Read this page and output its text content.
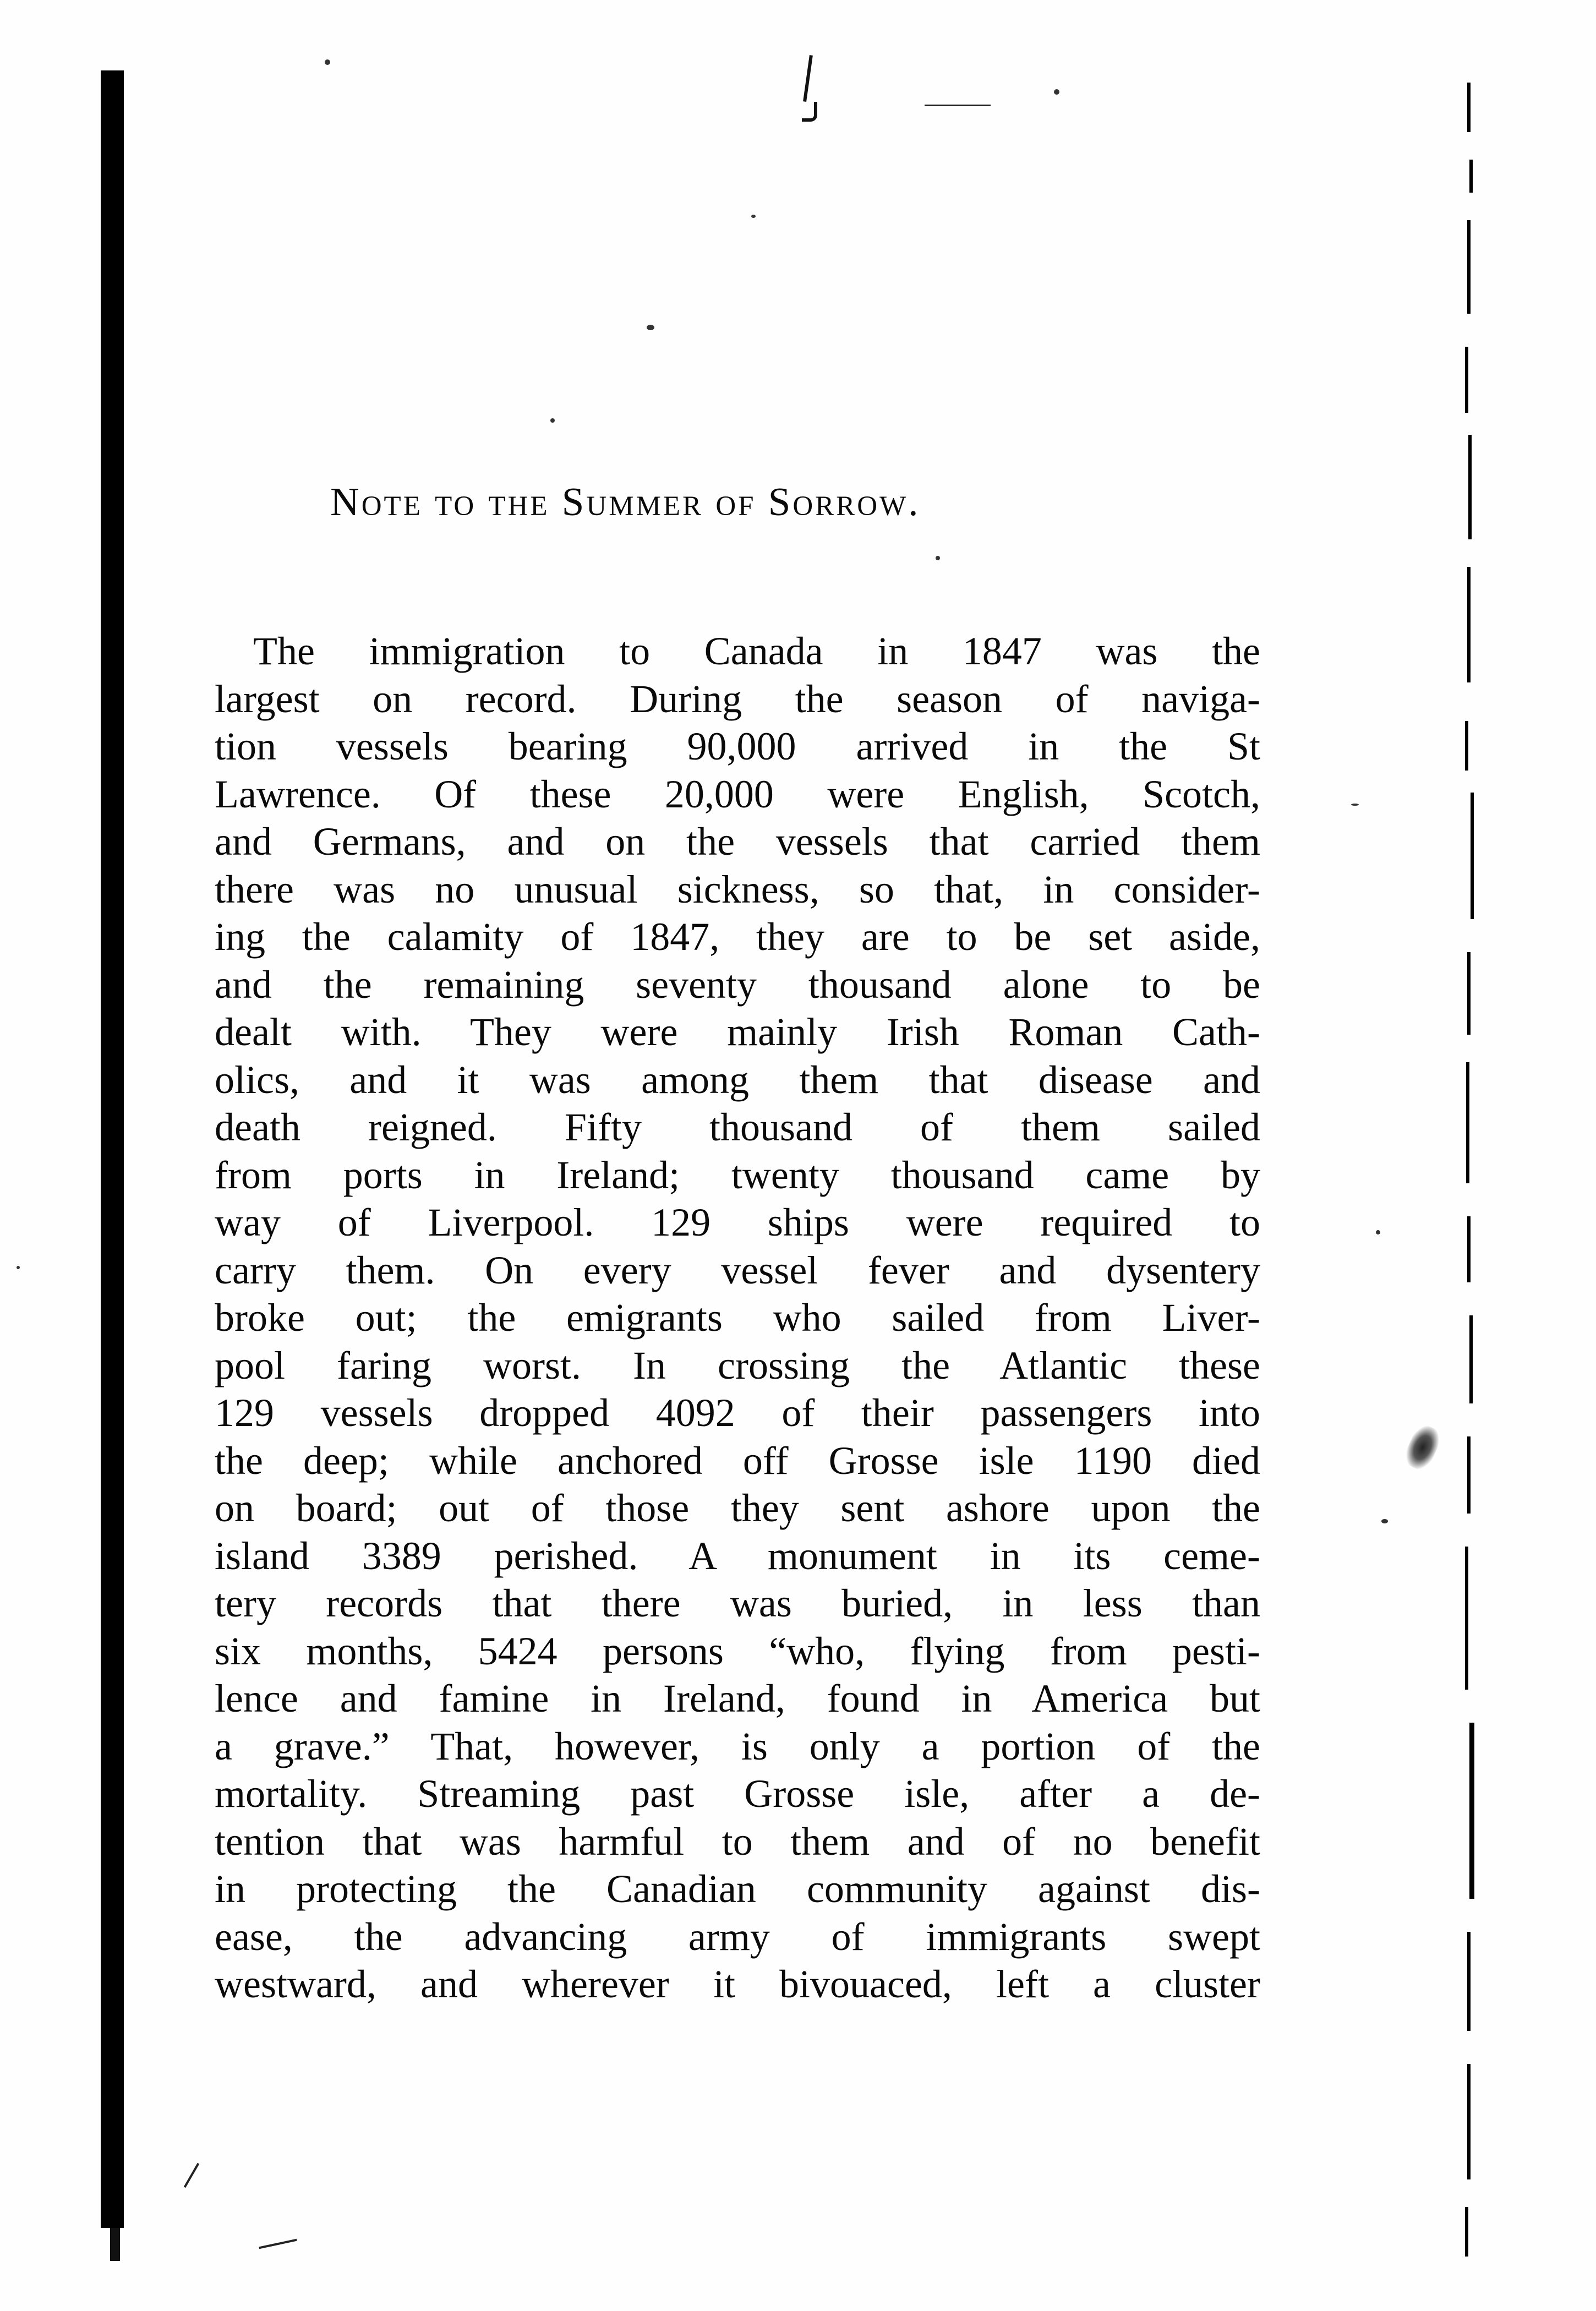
Note to the Summer of Sorrow.
The immigration to Canada in 1847 was the
largest on record. During the season of naviga-
tion vessels bearing 90,000 arrived in the St
Lawrence. Of these 20,000 were English, Scotch,
and Germans, and on the vessels that carried them
there was no unusual sickness, so that, in consider-
ing the calamity of 1847, they are to be set aside,
and the remaining seventy thousand alone to be
dealt with. They were mainly Irish Roman Cath-
olics, and it was among them that disease and
death reigned. Fifty thousand of them sailed
from ports in Ireland; twenty thousand came by
way of Liverpool. 129 ships were required to
carry them. On every vessel fever and dysentery
broke out; the emigrants who sailed from Liver-
pool faring worst. In crossing the Atlantic these
129 vessels dropped 4092 of their passengers into
the deep; while anchored off Grosse isle 1190 died
on board; out of those they sent ashore upon the
island 3389 perished. A monument in its ceme-
tery records that there was buried, in less than
six months, 5424 persons “who, flying from pesti-
lence and famine in Ireland, found in America but
a grave.” That, however, is only a portion of the
mortality. Streaming past Grosse isle, after a de-
tention that was harmful to them and of no benefit
in protecting the Canadian community against dis-
ease, the advancing army of immigrants swept
westward, and wherever it bivouaced, left a cluster
